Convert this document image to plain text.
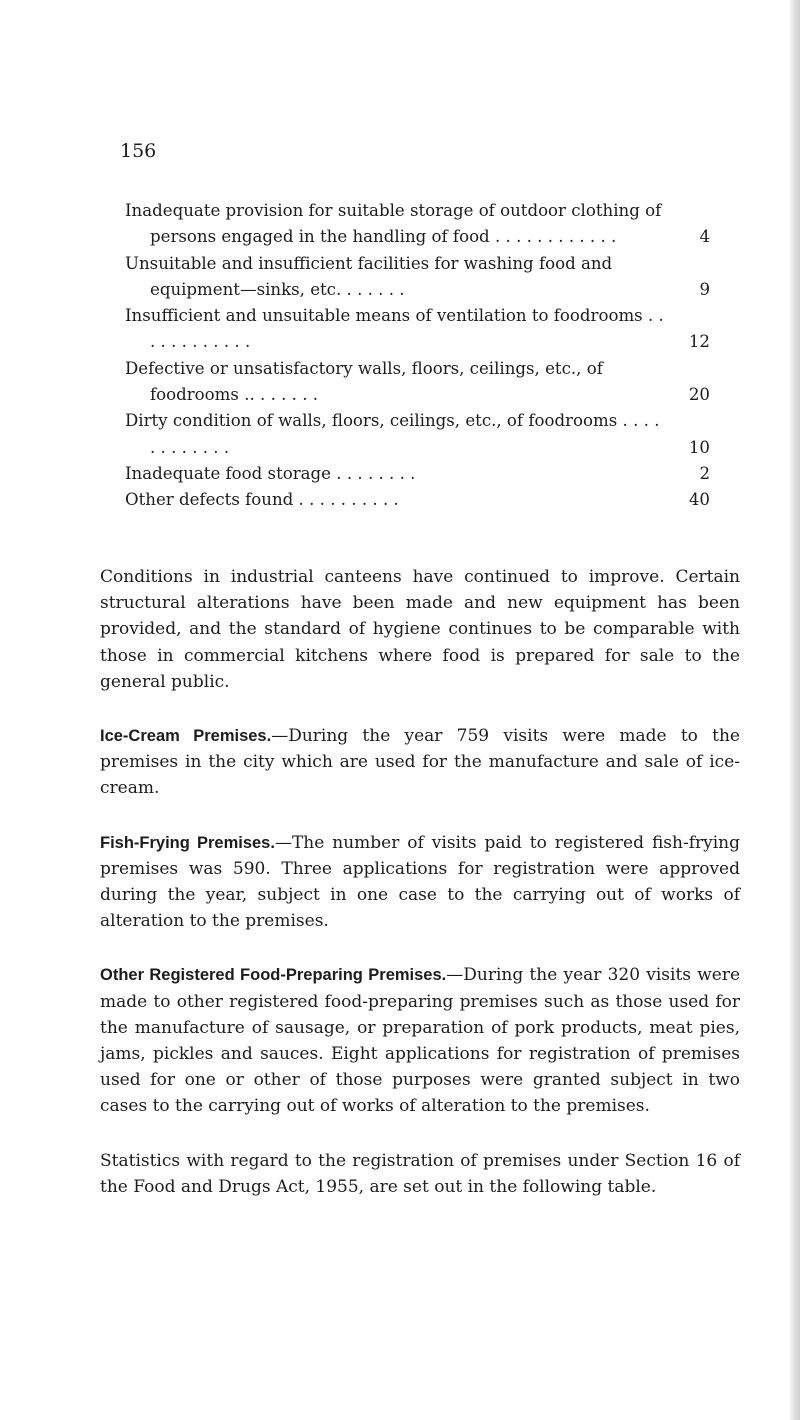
156
Inadequate provision for suitable storage of outdoor clothing of persons engaged in the handling of food . . . . . . . . . . . .	4
Unsuitable and insufficient facilities for washing food and equipment—sinks, etc. . . . . . .	9
Insufficient and unsuitable means of ventilation to foodrooms . . . . . . . . . . . .	12
Defective or unsatisfactory walls, floors, ceilings, etc., of foodrooms .. . . . . . .	20
Dirty condition of walls, floors, ceilings, etc., of foodrooms . . . . . . . . . . . .	10
Inadequate food storage . . . . . . . .	2
Other defects found . . . . . . . . . .	40

Conditions in industrial canteens have continued to improve. Certain structural alterations have been made and new equipment has been provided, and the standard of hygiene continues to be comparable with those in commercial kitchens where food is prepared for sale to the general public.

Ice-Cream Premises.—During the year 759 visits were made to the premises in the city which are used for the manufacture and sale of ice-cream.

Fish-Frying Premises.—The number of visits paid to registered fish-frying premises was 590. Three applications for registration were approved during the year, subject in one case to the carrying out of works of alteration to the premises.

Other Registered Food-Preparing Premises.—During the year 320 visits were made to other registered food-preparing premises such as those used for the manufacture of sausage, or preparation of pork products, meat pies, jams, pickles and sauces. Eight applications for registration of premises used for one or other of those purposes were granted subject in two cases to the carrying out of works of alteration to the premises.

Statistics with regard to the registration of premises under Section 16 of the Food and Drugs Act, 1955, are set out in the following table.
